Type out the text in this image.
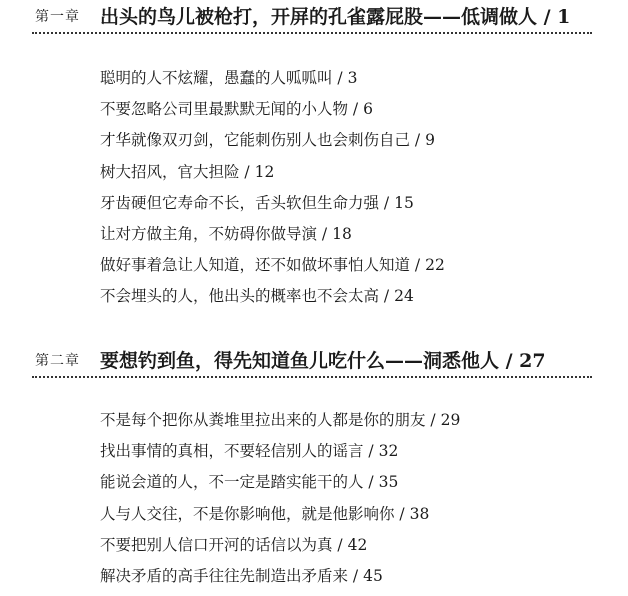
第一章 出头的鸟儿被枪打，开屏的孔雀露屁股——低调做人 / 1
聪明的人不炫耀，愚蠢的人呱呱叫 / 3
不要忽略公司里最默默无闻的小人物 / 6
才华就像双刃剑，它能刺伤别人也会刺伤自己 / 9
树大招风，官大担险 / 12
牙齿硬但它寿命不长，舌头软但生命力强 / 15
让对方做主角，不妨碍你做导演 / 18
做好事着急让人知道，还不如做坏事怕人知道 / 22
不会埋头的人，他出头的概率也不会太高 / 24
第二章 要想钓到鱼，得先知道鱼儿吃什么——洞悉他人 / 27
不是每个把你从粪堆里拉出来的人都是你的朋友 / 29
找出事情的真相，不要轻信别人的谣言 / 32
能说会道的人，不一定是踏实能干的人 / 35
人与人交往，不是你影响他，就是他影响你 / 38
不要把别人信口开河的话信以为真 / 42
解决矛盾的高手往往先制造出矛盾来 / 45
